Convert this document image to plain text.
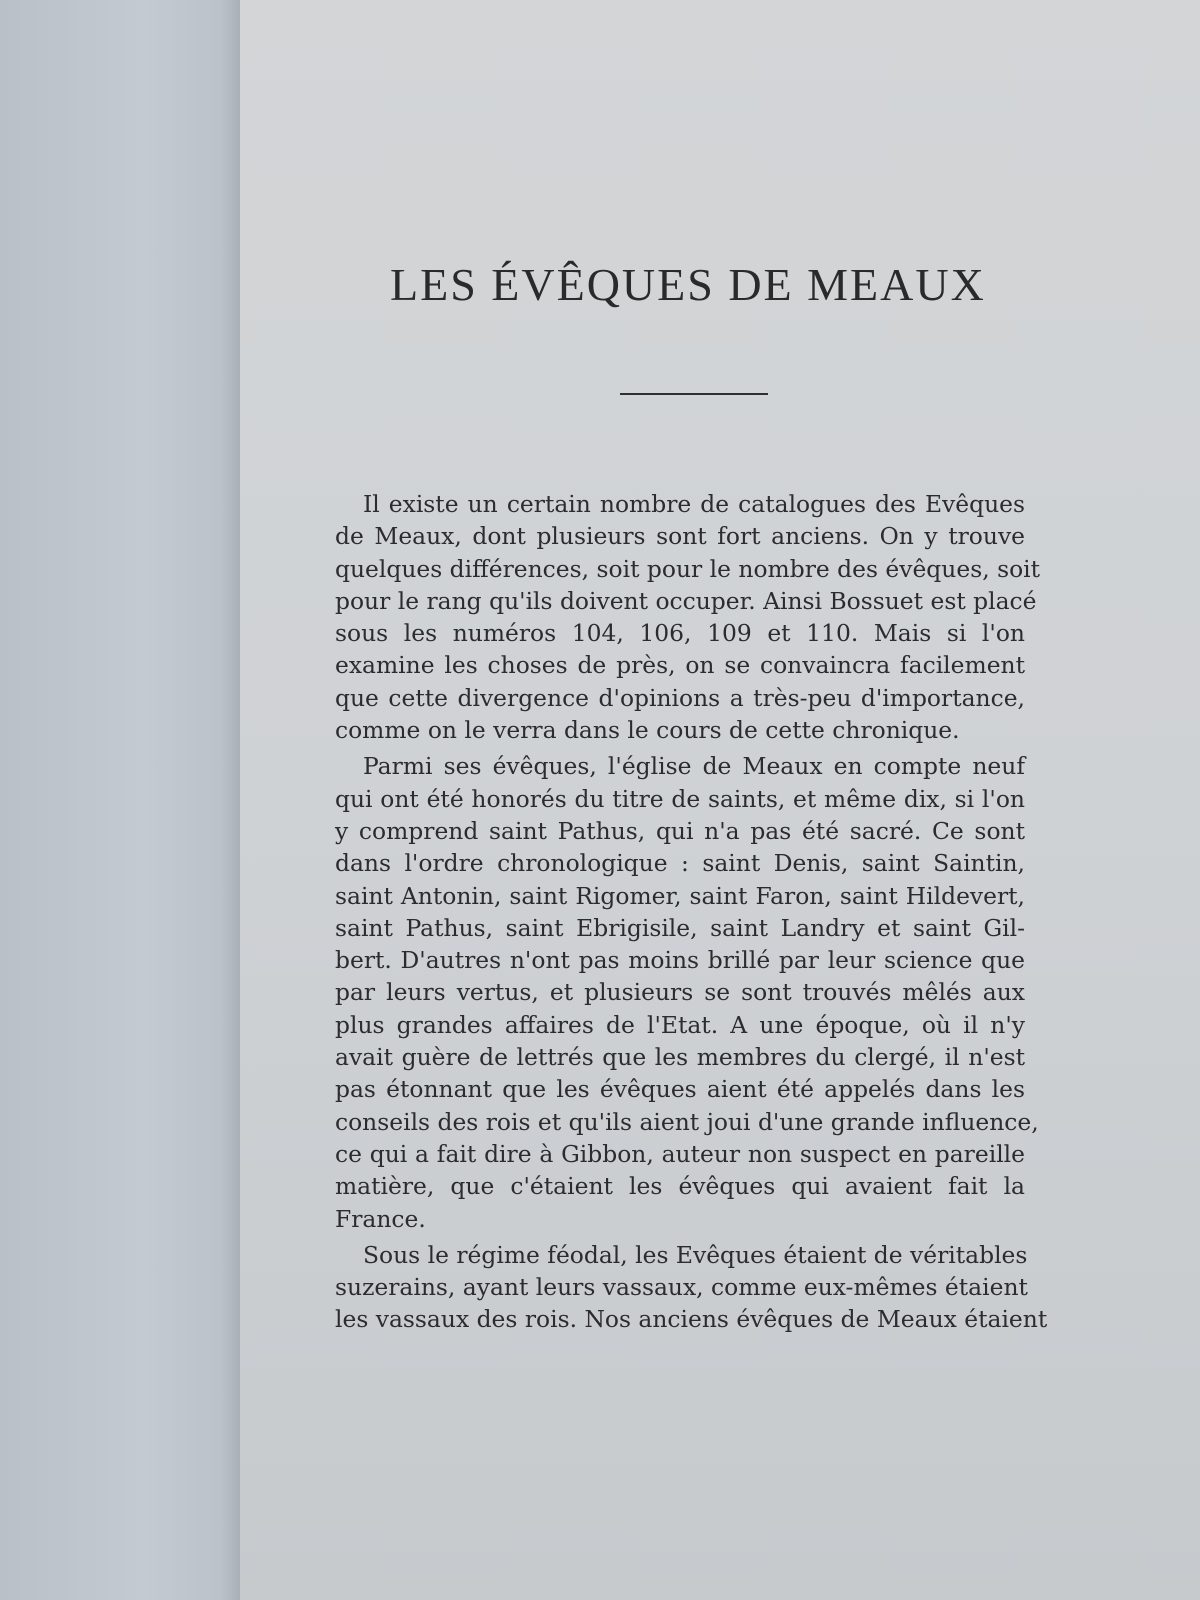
LES ÉVÊQUES DE MEAUX
Il existe un certain nombre de catalogues des Evêques
de Meaux, dont plusieurs sont fort anciens. On y trouve
quelques différences, soit pour le nombre des évêques, soit
pour le rang qu'ils doivent occuper. Ainsi Bossuet est placé
sous les numéros 104, 106, 109 et 110. Mais si l'on
examine les choses de près, on se convaincra facilement
que cette divergence d'opinions a très-peu d'importance,
comme on le verra dans le cours de cette chronique.
Parmi ses évêques, l'église de Meaux en compte neuf
qui ont été honorés du titre de saints, et même dix, si l'on
y comprend saint Pathus, qui n'a pas été sacré. Ce sont
dans l'ordre chronologique : saint Denis, saint Saintin,
saint Antonin, saint Rigomer, saint Faron, saint Hildevert,
saint Pathus, saint Ebrigisile, saint Landry et saint Gil-
bert. D'autres n'ont pas moins brillé par leur science que
par leurs vertus, et plusieurs se sont trouvés mêlés aux
plus grandes affaires de l'Etat. A une époque, où il n'y
avait guère de lettrés que les membres du clergé, il n'est
pas étonnant que les évêques aient été appelés dans les
conseils des rois et qu'ils aient joui d'une grande influence,
ce qui a fait dire à Gibbon, auteur non suspect en pareille
matière, que c'étaient les évêques qui avaient fait la
France.
Sous le régime féodal, les Evêques étaient de véritables
suzerains, ayant leurs vassaux, comme eux-mêmes étaient
les vassaux des rois. Nos anciens évêques de Meaux étaient
